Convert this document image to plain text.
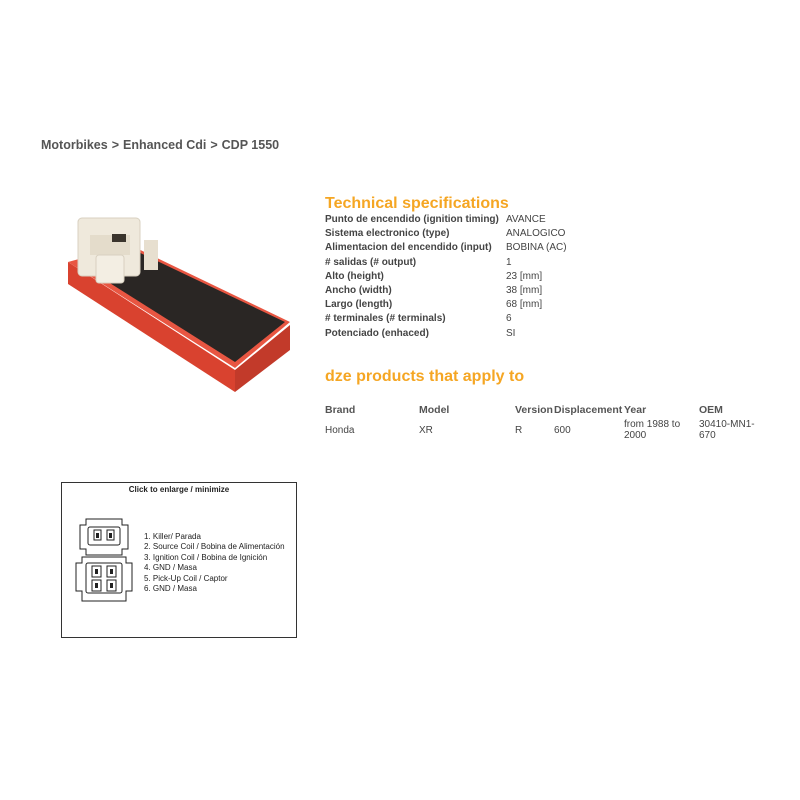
Motorbikes > Enhanced Cdi > CDP 1550
Technical specifications
Punto de encendido (ignition timing)	AVANCE
Sistema electronico (type)	ANALOGICO
Alimentacion del encendido (input)	BOBINA (AC)
# salidas (# output)	1
Alto (height)	23 [mm]
Ancho (width)	38 [mm]
Largo (length)	68 [mm]
# terminales (# terminals)	6
Potenciado (enhaced)	SI
dze products that apply to
Brand	Model	Version	Displacement	Year	OEM
Honda	XR	R	600	from 1988 to 2000	30410-MN1-670
Click to enlarge / minimize
1. Killer/ Parada
2. Source Coil / Bobina de Alimentación
3. Ignition Coil / Bobina de Ignición
4. GND / Masa
5. Pick-Up Coil / Captor
6. GND / Masa
